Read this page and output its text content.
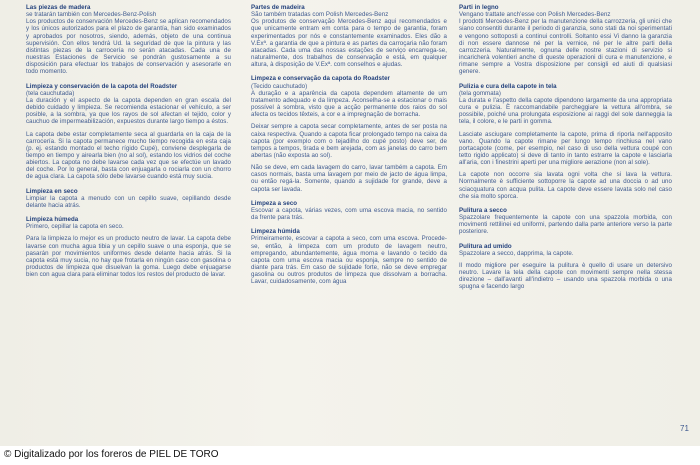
Las piezas de madera

se tratarán también con Mercedes-Benz-Polish

Los productos de conservación Mercedes-Benz se aplican recomendados y los únicos autorizados para el plazo de garantía, han sido examinados y aprobados por nosotros, siendo, además, objeto de una continua supervisión. Con ellos tendrá Ud. la seguridad de que la pintura y las distintas piezas de la carrocería no serán atacadas. Cada una de nuestras Estaciones de Servicio se pondrán gustosamente a su disposición para efectuar los trabajos de conservación y asesorarle en todo momento.

Limpieza y conservación de la capota del Roadster

(tela cauchutada)

La duración y el aspecto de la capota dependen en gran escala del debido cuidado y limpieza. Se recomienda estacionar el vehículo, a ser posible, a la sombra, ya que los rayos de sol afectan el tejido, color y cauchuo de impermeabilización, expuestos durante largo tiempo a éstos.

La capota debe estar completamente seca al guardarla en la caja de la carrocería. Si la capota permanece mucho tiempo recogida en esta caja (p. ej. estando montado el techo rígido Cupé), conviene desplegarla de tiempo en tiempo y airearla bien (no al sol), estando los vidrios del coche abiertos. La capota no debe lavarse cada vez que se efectúe un lavado del coche. Por lo general, basta con enjuagarla o rociarla con un chorro de agua clara. La capota sólo debe lavarse cuando está muy sucia.

Limpieza en seco

Limpiar la capota a menudo con un cepillo suave, cepillando desde delante hacia atrás.

Limpieza húmeda

Primero, cepillar la capota en seco.

Para la limpieza lo mejor es un producto neutro de lavar. La capota debe lavarse con mucha agua tibia y un cepillo suave o una esponja, que se pasarán por movimientos uniformes desde delante hacia atrás. Si la capota está muy sucia, no hay que frotarla en ningún caso con gasolina o productos de limpieza que disuelvan la goma. Luego debe enjuagarse bien con agua clara para eliminar todos los restos del producto de lavar.

Partes de madeira

São também tratadas com Polish Mercedes-Benz

Os produtos de conservação Mercedes-Benz aqui recomendados e que unicamente entram em conta para o tempo de garantia, foram experimentados por nós e constantemente examinados. Eles dão a V.Exª. a garantia de que a pintura e as partes da carroçaria não foram atacadas. Cada uma das nossas estações de serviço encarrega-se, naturalmente, dos trabalhos de conservação e está, em qualquer altura, à disposição de V.Exª. com conselhos e ajudas.

Limpeza e conservação da capota do Roadster

(Tecido cauchutado)

A duração e a aparência da capota dependem altamente de um tratamento adequado e da limpeza. Aconselha-se a estacionar o mais possível à sombra, visto que a acção permanente dos raios do sol afecta os tecidos têxteis, a cor e a impregnação de borracha.

Deixar sempre a capota secar completamente, antes de ser posta na caixa respectiva. Quando a capota ficar prolongado tempo na caixa da capota (por exemplo com o tejadilho do cupé posto) deve ser, de tempos a tempos, tirada e bem arejada, com as janelas do carro bem abertas (não exposta ao sol).

Não se deve, em cada lavagem do carro, lavar também a capota. Em casos normais, basta uma lavagem por meio de jacto de água limpa, ou então regá-la. Somente, quando a sujidade for grande, deve a capota ser lavada.

Limpeza a seco

Escovar a capota, várias vezes, com uma escova macia, no sentido da frente para trás.

Limpeza húmida

Primeiramente, escovar a capota a seco, com uma escova. Procede-se, então, à limpeza com um produto de lavagem neutro, empregando, abundantemente, água morna e lavando o tecido da capota com uma escova macia ou esponja, sempre no sentido de diante para trás. Em caso de sujidade forte, não se deve empregar gasolina ou outros produtos de limpeza que dissolvam a borracha. Lavar, cuidadosamente, com água

Parti in legno

Vengano trattate anch'esse con Polish Mercedes-Benz

I prodotti Mercedes-Benz per la manutenzione della carrozzeria, gli unici che siano consentiti durante il periodo di garanzia, sono stati da noi sperimentati e vengono sottoposti a continui controlli. Soltanto essi Vi danno la garanzia di non essere dannose né per la vernice, né per le altre parti della carrozzeria. Naturalmente, ognuna delle nostre stazioni di servizio si incaricherà volentieri anche di queste operazioni di cura e manutenzione, e rimane sempre a Vostra disposizione per consigli ed aiuti di qualsiasi genere.

Pulizia e cura della capote in tela

(tela gommata)

La durata e l'aspetto della capote dipendono largamente da una appropriata cura e pulizia. È raccomandabile parcheggiare la vettura all'ombra, se possibile, poiché una prolungata esposizione ai raggi del sole danneggia la tela, il colore, e le parti in gomma.

Lasciate asciugare completamente la capote, prima di riporla nell'apposito vano. Quando la capote rimane per lungo tempo rinchiusa nel vano portacapote (come, per esempio, nel caso di uso della vettura coupé con tetto rigido applicato) si deve di tanto in tanto estrarre la capote e lasciarla all'aria, con i finestrini aperti per una migliore aerazione (non al sole).

La capote non occorre sia lavata ogni volta che si lava la vettura. Normalmente è sufficiente sottoporre la capote ad una doccia o ad uno sciacquatura con acqua pulita. La capote deve essere lavata solo nel caso che sia molto sporca.

Pulitura a secco

Spazzolare frequentemente la capote con una spazzola morbida, con movimenti rettilinei ed uniformi, partendo dalla parte anteriore verso la parte posteriore.

Pulitura ad umido

Spazzolare a secco, dapprima, la capote.

Il modo migliore per eseguire la pulitura è quello di usare un detersivo neutro. Lavare la tela della capote con movimenti sempre nella stessa direzione – dall'avanti all'indietro – usando una spazzola morbida o una spugna e facendo largo

71
© Digitalizado por los foreros de PIEL DE TORO
